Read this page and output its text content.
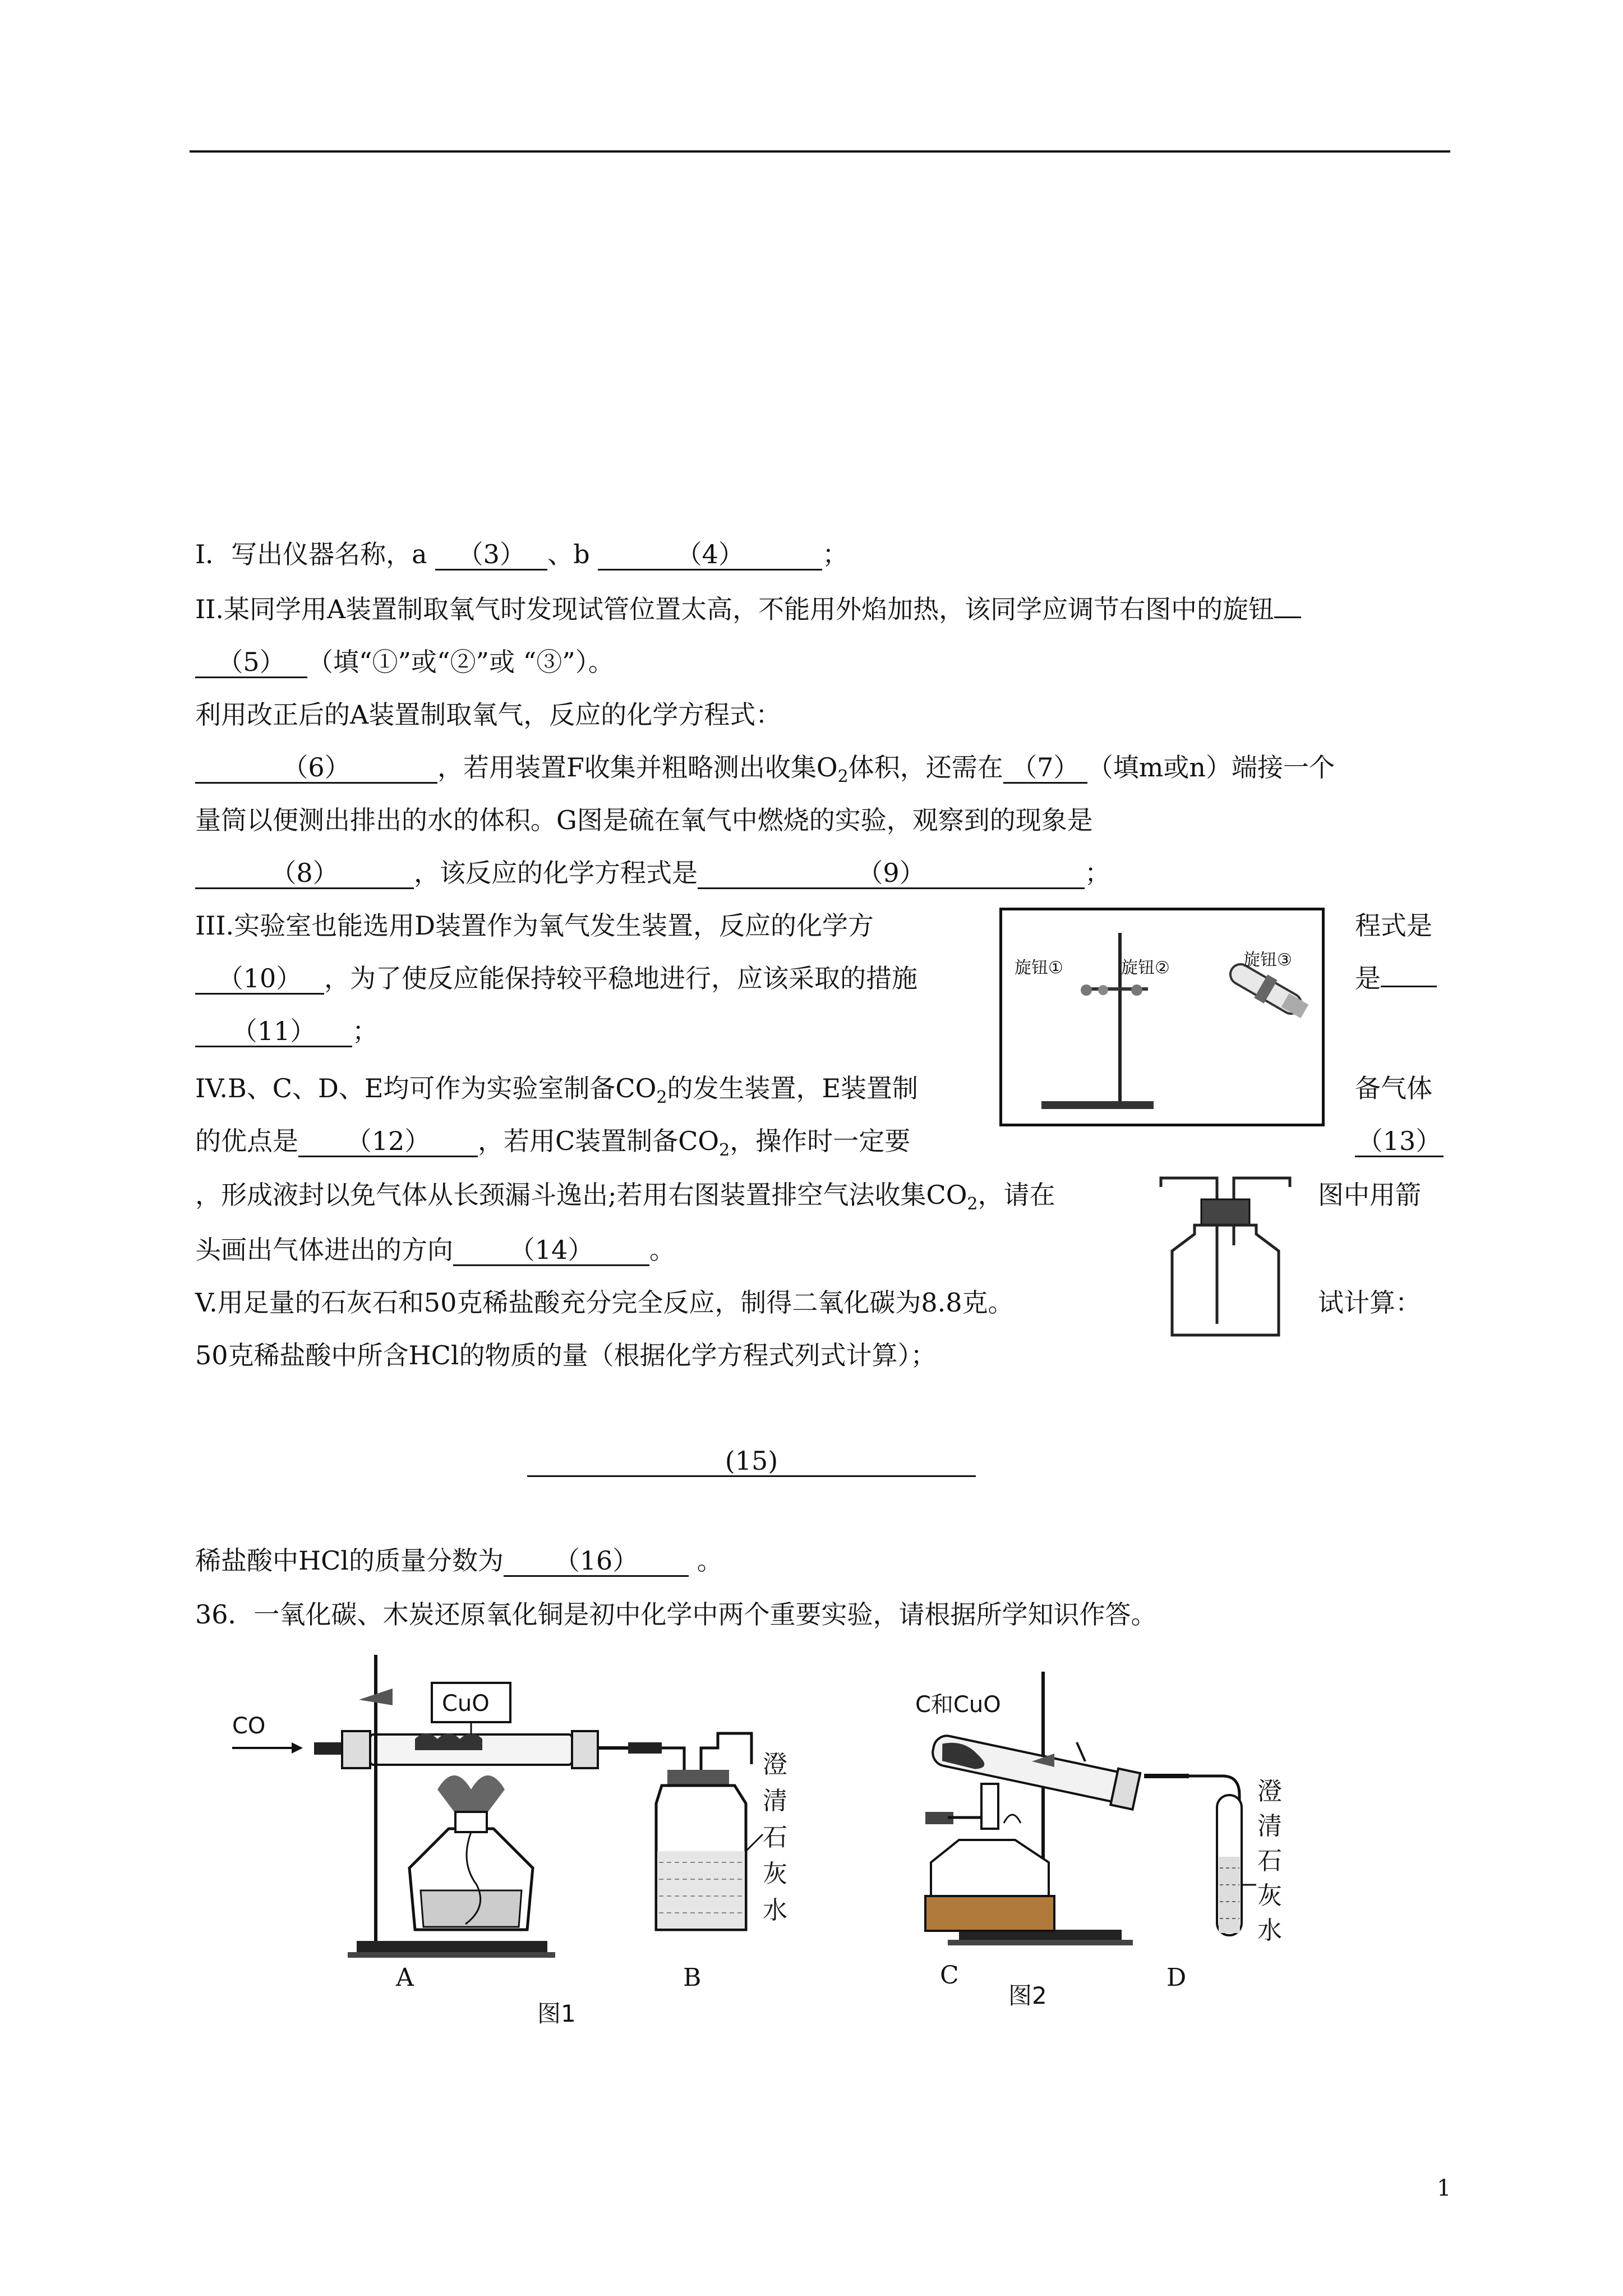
I．写出仪器名称，a （3） 、b	（4）	；
II.某同学用A装置制取氧气时发现试管位置太高，不能用外焰加热，该同学应调节右图中的旋钮
（5） （填“①”或“②”或 “③”）。
利用改正后的A装置制取氧气，反应的化学方程式：
（6）	，若用装置F收集并粗略测出收集$O_2$体积，还需在 （7） （填m或n）端接一个
量筒以便测出排出的水的体积。G图是硫在氧气中燃烧的实验，观察到的现象是
（8）	，该反应的化学方程式是	（9）	；
III.实验室也能选用D装置作为氧气发生装置，反应的化学方	程式是
（10） ，为了使反应能保持较平稳地进行，应该采取的措施	是
（11） ；
旋钮①	旋钮②	旋钮③
IV.B、C、D、E均可作为实验室制备$CO_2$的发生装置，E装置制	备气体
的优点是 （12） ，若用C装置制备$CO_2$，操作时一定要	（13）
，形成液封以免气体从长颈漏斗逸出;若用右图装置排空气法收集$CO_2$，请在	图中用箭
头画出气体进出的方向 （14） 。
V.用足量的石灰石和50克稀盐酸充分完全反应，制得二氧化碳为8.8克。	试计算：
50克稀盐酸中所含HCl的物质的量（根据化学方程式列式计算）；
(15)
稀盐酸中HCl的质量分数为 （16） 。
36．一氧化碳、木炭还原氧化铜是初中化学中两个重要实验，请根据所学知识作答。
CO
CuO
澄
清
石
灰
水
A	B
图1
C和CuO
澄
清
石
灰
水
C	D
图2
1
